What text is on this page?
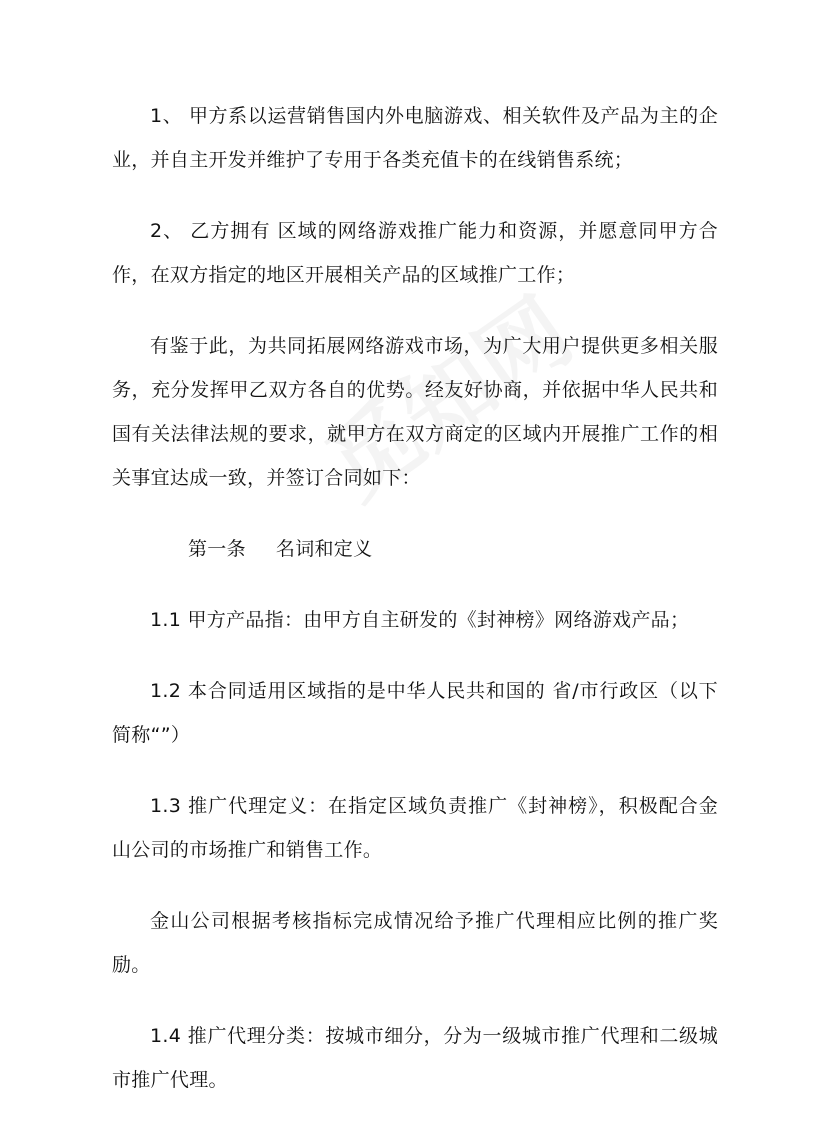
1、 甲方系以运营销售国内外电脑游戏、相关软件及产品为主的企业，并自主开发并维护了专用于各类充值卡的在线销售系统；

2、 乙方拥有 区域的网络游戏推广能力和资源，并愿意同甲方合作，在双方指定的地区开展相关产品的区域推广工作；

有鉴于此，为共同拓展网络游戏市场，为广大用户提供更多相关服务，充分发挥甲乙双方各自的优势。经友好协商，并依据中华人民共和国有关法律法规的要求，就甲方在双方商定的区域内开展推广工作的相关事宜达成一致，并签订合同如下：

第一条 名词和定义

1.1 甲方产品指：由甲方自主研发的《封神榜》网络游戏产品；

1.2 本合同适用区域指的是中华人民共和国的 省/市行政区（以下简称“”）

1.3 推广代理定义：在指定区域负责推广《封神榜》，积极配合金山公司的市场推广和销售工作。

金山公司根据考核指标完成情况给予推广代理相应比例的推广奖励。

1.4 推广代理分类：按城市细分，分为一级城市推广代理和二级城市推广代理。
